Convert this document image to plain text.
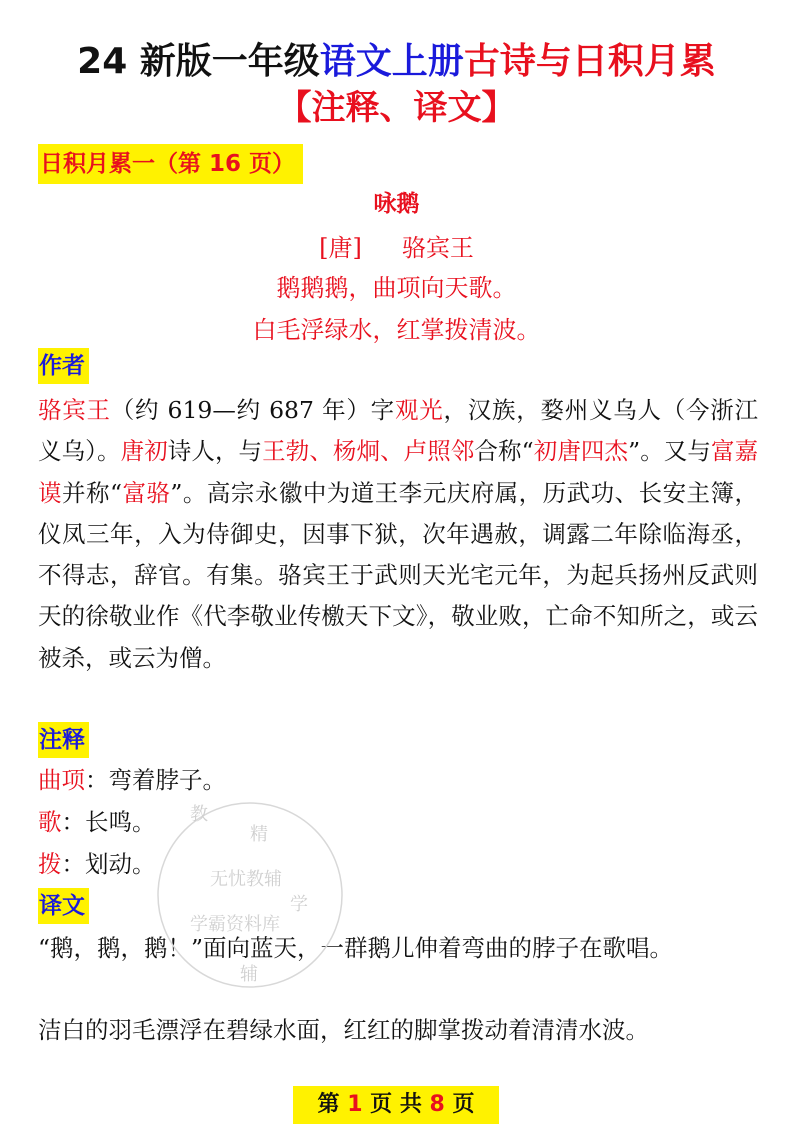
24 新版一年级语文上册古诗与日积月累
【注释、译文】
日积月累一（第 16 页）
咏鹅
[唐] 骆宾王
鹅鹅鹅，曲项向天歌。
白毛浮绿水，红掌拨清波。
作者
骆宾王（约 619—约 687 年）字观光，汉族，婺州义乌人（今浙江义乌）。唐初诗人，与王勃、杨炯、卢照邻合称“初唐四杰”。又与富嘉谟并称“富骆”。高宗永徽中为道王李元庆府属，历武功、长安主簿，仪凤三年，入为侍御史，因事下狱，次年遇赦，调露二年除临海丞，不得志，辞官。有集。骆宾王于武则天光宅元年，为起兵扬州反武则天的徐敬业作《代李敬业传檄天下文》，敬业败，亡命不知所之，或云被杀，或云为僧。
注释
曲项：弯着脖子。
歌：长鸣。
拨：划动。
译文
“鹅，鹅，鹅！”面向蓝天，一群鹅儿伸着弯曲的脖子在歌唱。
洁白的羽毛漂浮在碧绿水面，红红的脚掌拨动着清清水波。
教
精
无忧教辅
学霸资料库
学
辅
第 1 页 共 8 页
